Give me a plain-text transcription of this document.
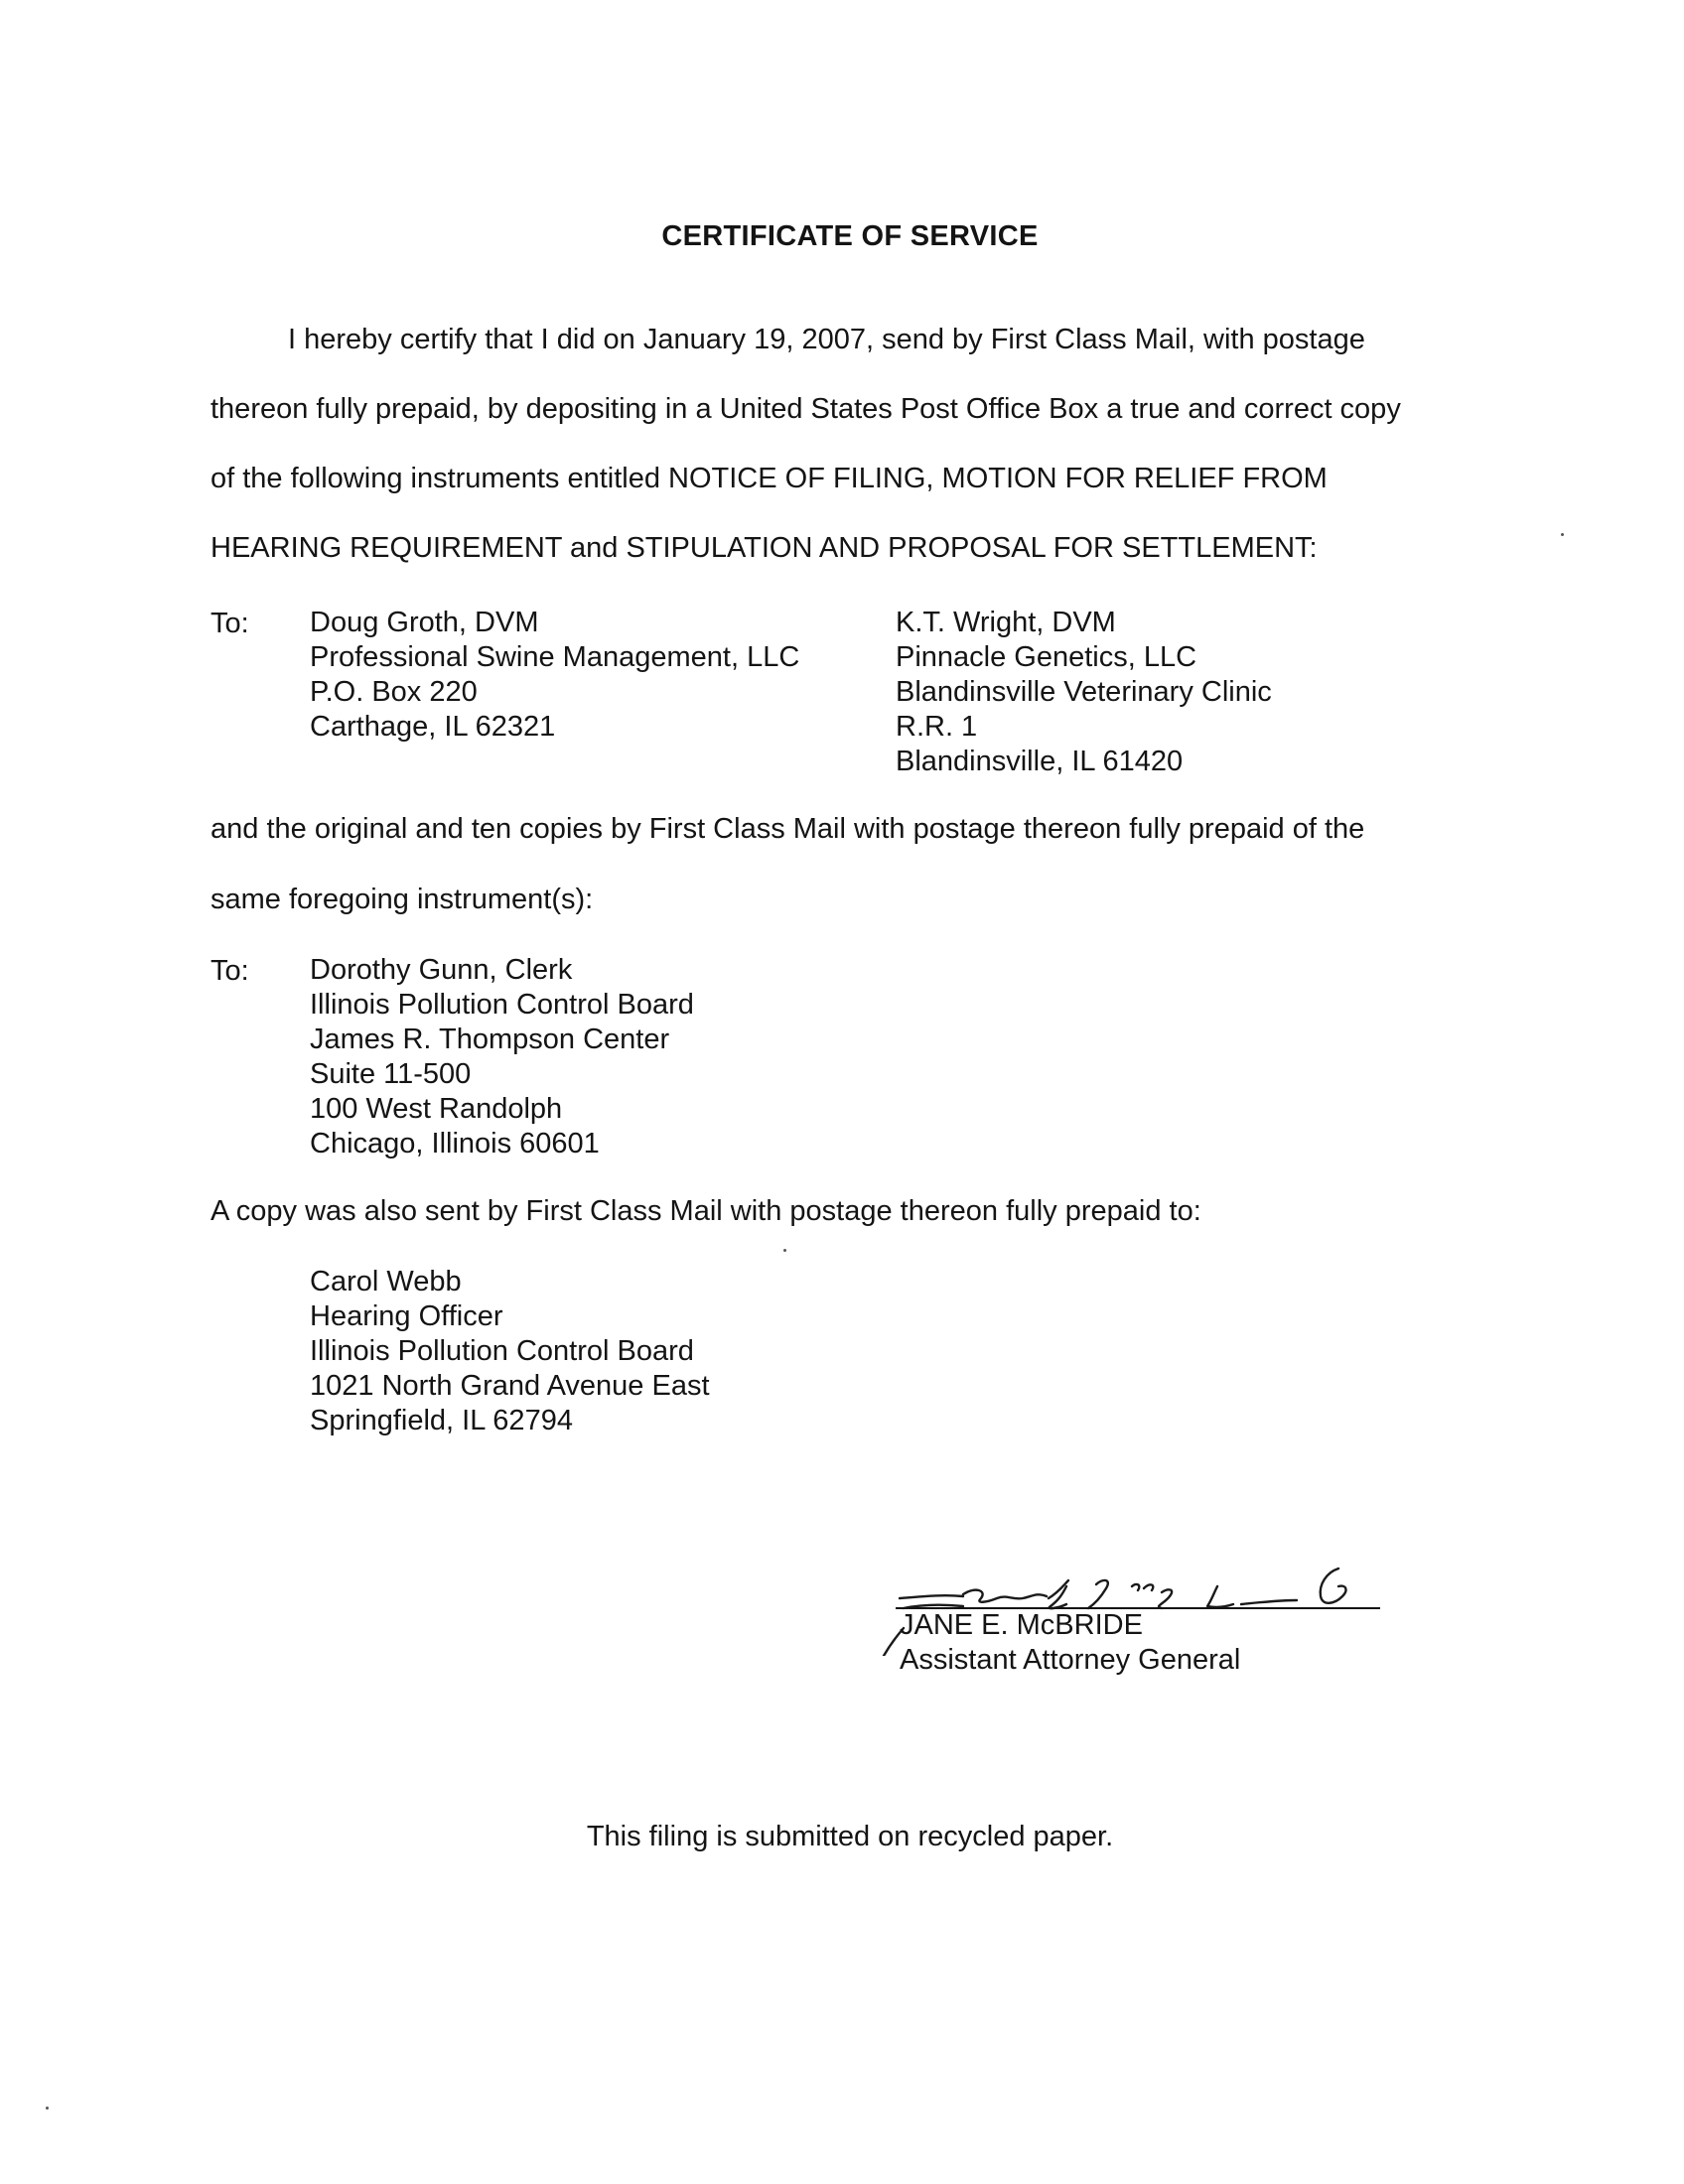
CERTIFICATE OF SERVICE
I hereby certify that I did on January 19, 2007, send by First Class Mail, with postage
thereon fully prepaid, by depositing in a United States Post Office Box a true and correct copy
of the following instruments entitled NOTICE OF FILING, MOTION FOR RELIEF FROM
HEARING REQUIREMENT and STIPULATION AND PROPOSAL FOR SETTLEMENT:
To: Doug Groth, DVM
Professional Swine Management, LLC
P.O. Box 220
Carthage, IL 62321
K.T. Wright, DVM
Pinnacle Genetics, LLC
Blandinsville Veterinary Clinic
R.R. 1
Blandinsville, IL 61420
and the original and ten copies by First Class Mail with postage thereon fully prepaid of the
same foregoing instrument(s):
To: Dorothy Gunn, Clerk
Illinois Pollution Control Board
James R. Thompson Center
Suite 11-500
100 West Randolph
Chicago, Illinois 60601
A copy was also sent by First Class Mail with postage thereon fully prepaid to:
Carol Webb
Hearing Officer
Illinois Pollution Control Board
1021 North Grand Avenue East
Springfield, IL 62794
JANE E. McBRIDE
Assistant Attorney General
This filing is submitted on recycled paper.
